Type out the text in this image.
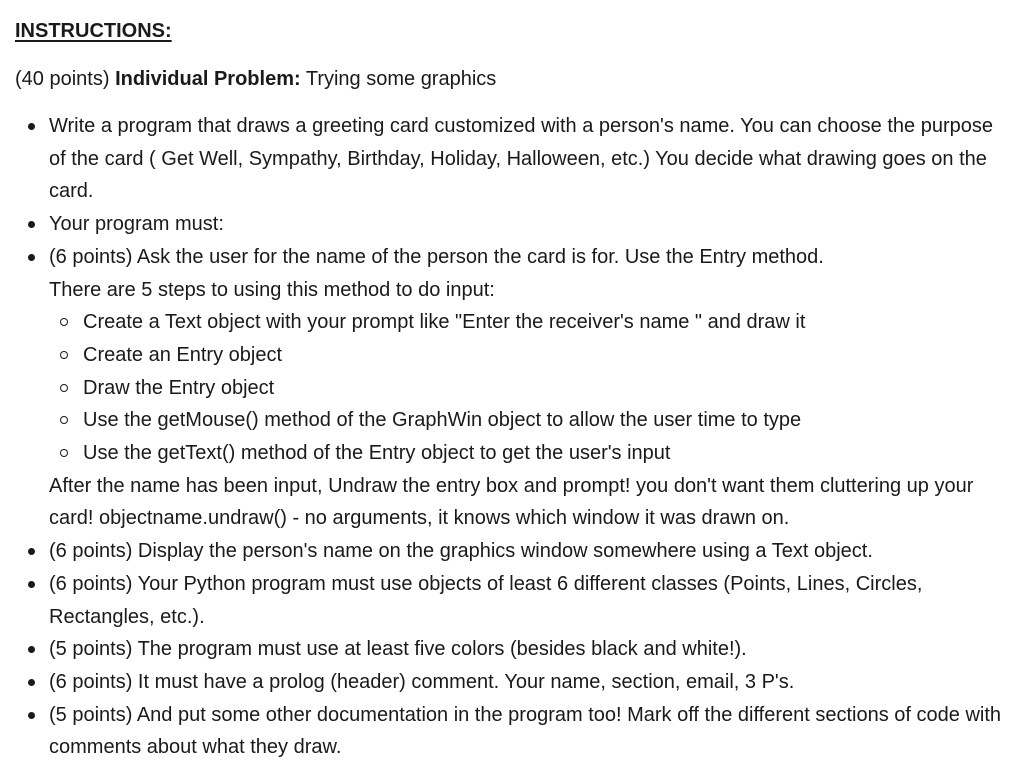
INSTRUCTIONS:

(40 points) Individual Problem: Trying some graphics

Write a program that draws a greeting card customized with a person's name. You can choose the purpose of the card ( Get Well, Sympathy, Birthday, Holiday, Halloween, etc.) You decide what drawing goes on the card.
Your program must:
(6 points) Ask the user for the name of the person the card is for. Use the Entry method.
There are 5 steps to using this method to do input:
Create a Text object with your prompt like "Enter the receiver's name " and draw it
Create an Entry object
Draw the Entry object
Use the getMouse() method of the GraphWin object to allow the user time to type
Use the getText() method of the Entry object to get the user's input
After the name has been input, Undraw the entry box and prompt! you don't want them cluttering up your card! objectname.undraw() - no arguments, it knows which window it was drawn on.
(6 points) Display the person's name on the graphics window somewhere using a Text object.
(6 points) Your Python program must use objects of least 6 different classes (Points, Lines, Circles, Rectangles, etc.).
(5 points) The program must use at least five colors (besides black and white!).
(6 points) It must have a prolog (header) comment. Your name, section, email, 3 P's.
(5 points) And put some other documentation in the program too! Mark off the different sections of code with comments about what they draw.
